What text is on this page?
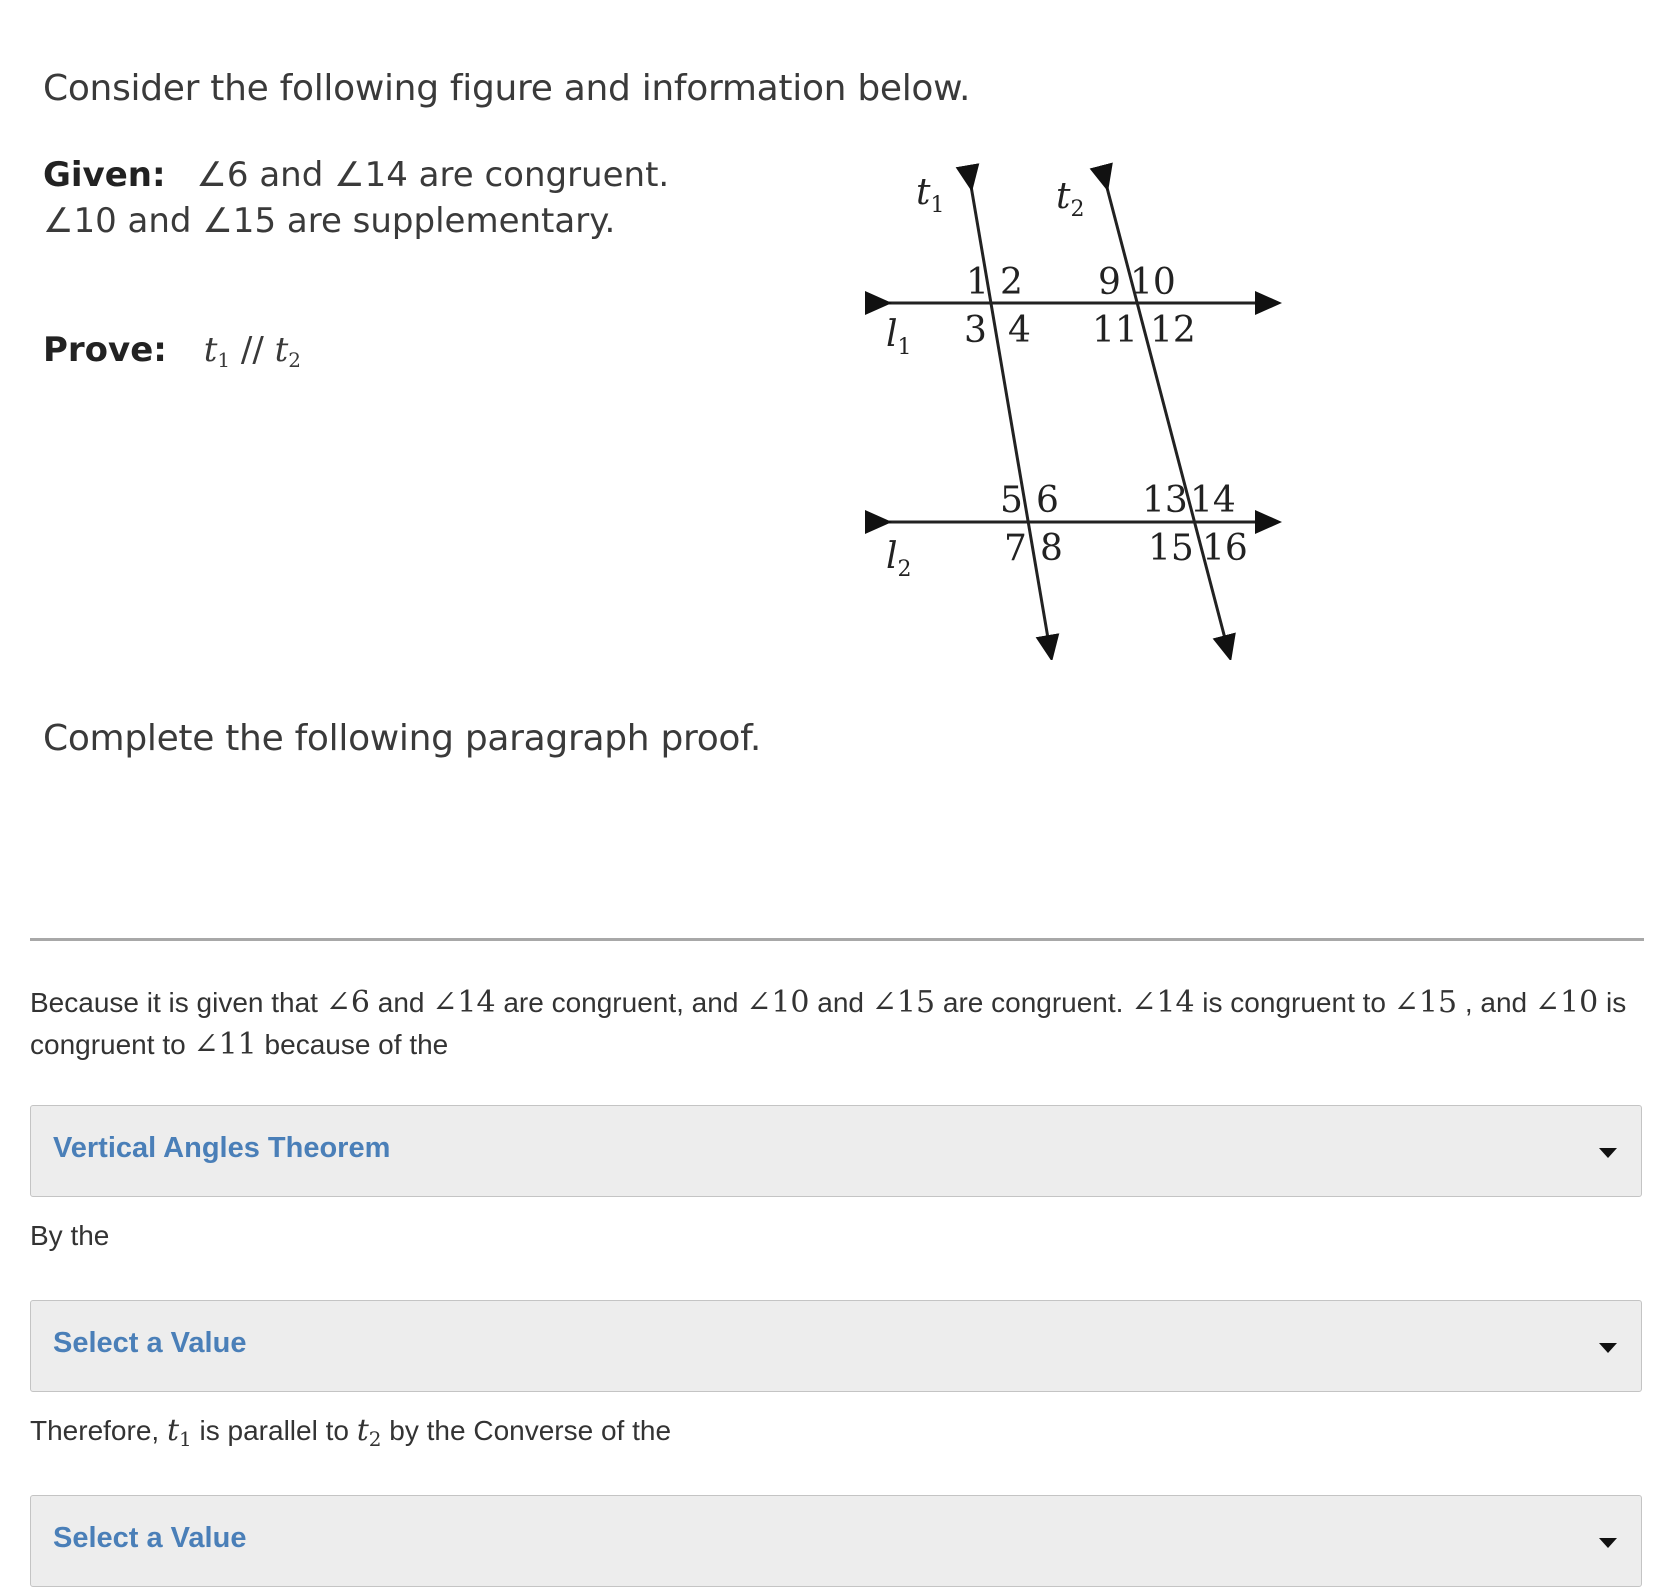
Consider the following figure and information below.
Given: ∠6 and ∠14 are congruent.
∠10 and ∠15 are supplementary.
Prove: $t_1 // t_2$
$t_1$	$t_2$
$l_1$
$l_2$
1 2
3 4
9 10
11 12
5 6
7 8
13 14
15 16
Complete the following paragraph proof.
Because it is given that ∠6 and ∠14 are congruent, and ∠10 and ∠15 are congruent. ∠14 is congruent to ∠15 , and ∠10 is congruent to ∠11 because of the
Vertical Angles Theorem
By the
Select a Value
Therefore, $t_1$ is parallel to $t_2$ by the Converse of the
Select a Value
